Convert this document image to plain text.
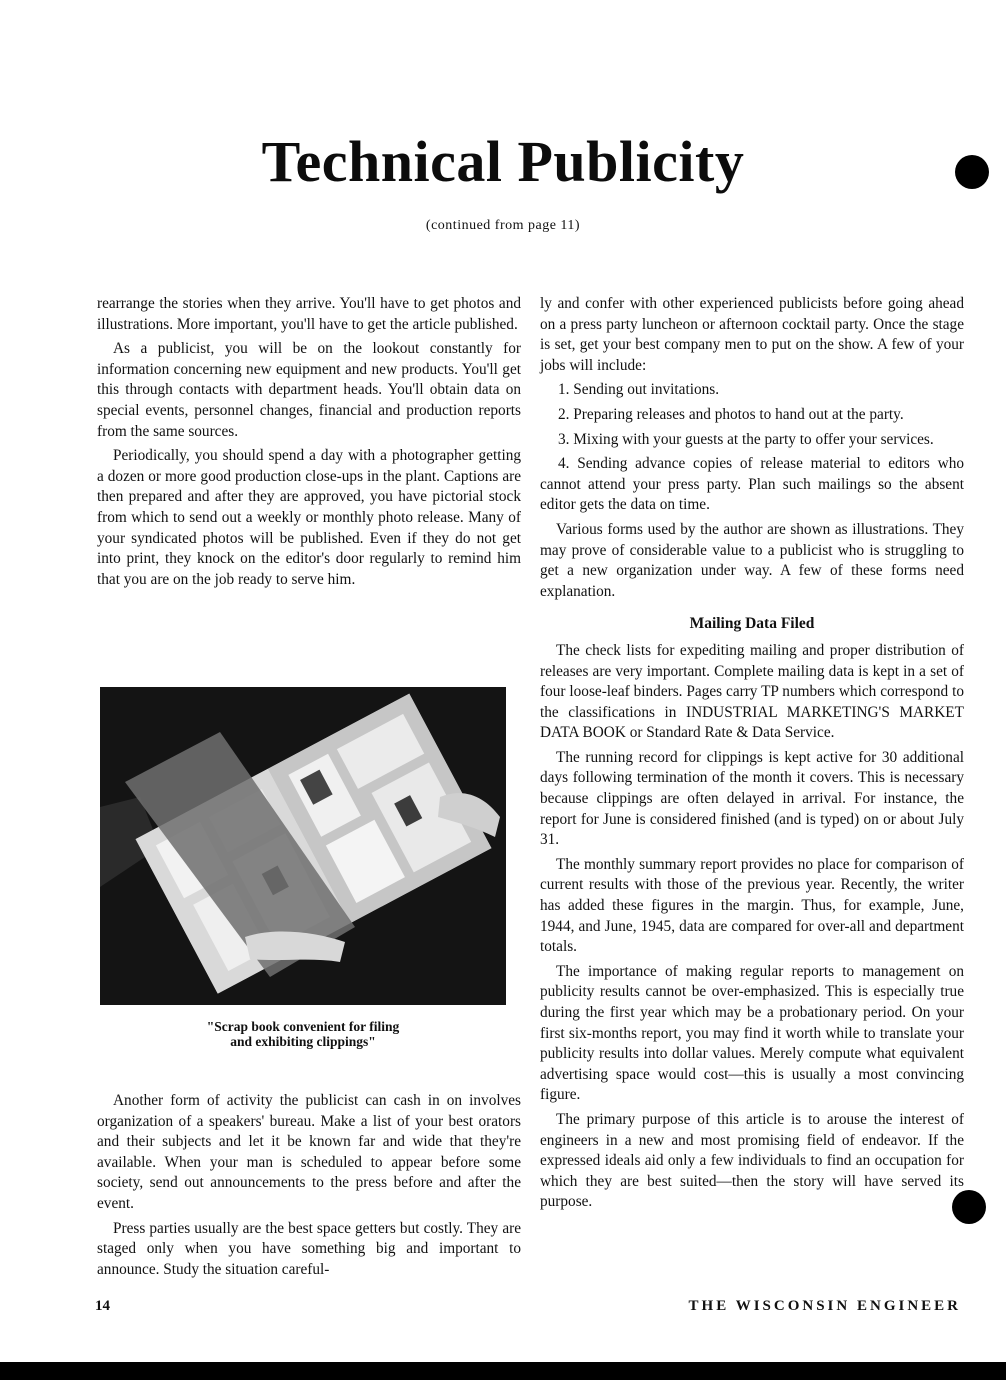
Technical Publicity
(continued from page 11)

rearrange the stories when they arrive. You'll have to get photos and illustrations. More important, you'll have to get the article published.

As a publicist, you will be on the lookout constantly for information concerning new equipment and new products. You'll get this through contacts with department heads. You'll obtain data on special events, personnel changes, financial and production reports from the same sources.

Periodically, you should spend a day with a photographer getting a dozen or more good production close-ups in the plant. Captions are then prepared and after they are approved, you have pictorial stock from which to send out a weekly or monthly photo release. Many of your syndicated photos will be published. Even if they do not get into print, they knock on the editor's door regularly to remind him that you are on the job ready to serve him.

"Scrap book convenient for filing
and exhibiting clippings"

Another form of activity the publicist can cash in on involves organization of a speakers' bureau. Make a list of your best orators and their subjects and let it be known far and wide that they're available. When your man is scheduled to appear before some society, send out announcements to the press before and after the event.

Press parties usually are the best space getters but costly. They are staged only when you have something big and important to announce. Study the situation careful-

ly and confer with other experienced publicists before going ahead on a press party luncheon or afternoon cocktail party. Once the stage is set, get your best company men to put on the show. A few of your jobs will include:

1. Sending out invitations.

2. Preparing releases and photos to hand out at the party.

3. Mixing with your guests at the party to offer your services.

4. Sending advance copies of release material to editors who cannot attend your press party. Plan such mailings so the absent editor gets the data on time.

Various forms used by the author are shown as illustrations. They may prove of considerable value to a publicist who is struggling to get a new organization under way. A few of these forms need explanation.

Mailing Data Filed

The check lists for expediting mailing and proper distribution of releases are very important. Complete mailing data is kept in a set of four loose-leaf binders. Pages carry TP numbers which correspond to the classifications in INDUSTRIAL MARKETING'S MARKET DATA BOOK or Standard Rate & Data Service.

The running record for clippings is kept active for 30 additional days following termination of the month it covers. This is necessary because clippings are often delayed in arrival. For instance, the report for June is considered finished (and is typed) on or about July 31.

The monthly summary report provides no place for comparison of current results with those of the previous year. Recently, the writer has added these figures in the margin. Thus, for example, June, 1944, and June, 1945, data are compared for over-all and department totals.

The importance of making regular reports to management on publicity results cannot be over-emphasized. This is especially true during the first year which may be a probationary period. On your first six-months report, you may find it worth while to translate your publicity results into dollar values. Merely compute what equivalent advertising space would cost—this is usually a most convincing figure.

The primary purpose of this article is to arouse the interest of engineers in a new and most promising field of endeavor. If the expressed ideals aid only a few individuals to find an occupation for which they are best suited—then the story will have served its purpose.

14	THE WISCONSIN ENGINEER
